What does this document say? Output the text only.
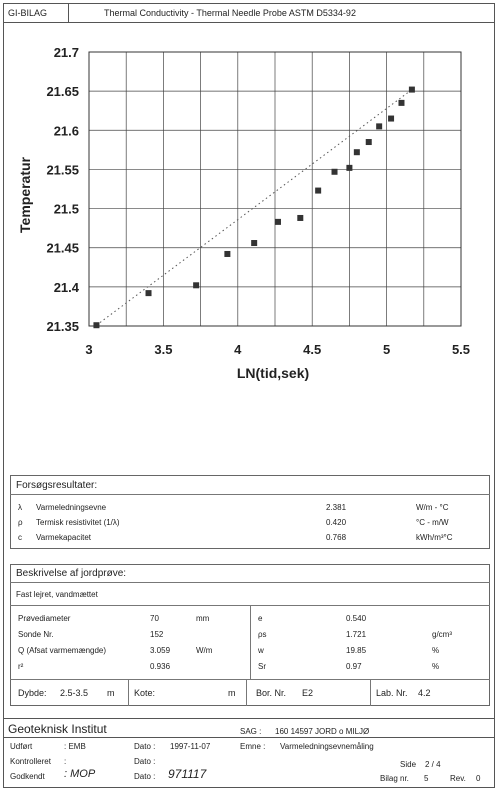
GI-BILAG	Thermal Conductivity - Thermal Needle Probe ASTM D5334-92
3	3.5	4	4.5	5	5.5
21.35
21.4
21.45
21.5
21.55
21.6
21.65
21.7
LN(tid,sek)
Temperatur
Forsøgsresultater:
λ Varmeledningsevne	2.381	W/m - °C
ρ Termisk resistivitet (1/λ)	0.420	°C - m/W
c Varmekapacitet	0.768	kWh/m³°C
Beskrivelse af jordprøve:
Fast lejret, vandmættet
Prøvediameter	70	mm
Sonde Nr.	152
Q (Afsat varmemængde)	3.059	W/m
r²	0.936
e	0.540
ρs	1.721	g/cm³
w	19.85	%
Sr	0.97	%
Dybde: 2.5-3.5 m Kote:	m Bor. Nr. E2	Lab. Nr. 4.2
Geoteknisk Institut	SAG : 160 14597 JORD o MILJØ
Udført	: EMB
Kontrolleret :
Godkendt : MOP
Dato : 1997-11-07
Dato :
Dato : 971117
Emne : Varmeledningsevnemåling
Side 2 / 4
Bilag nr. 5	Rev. 0
